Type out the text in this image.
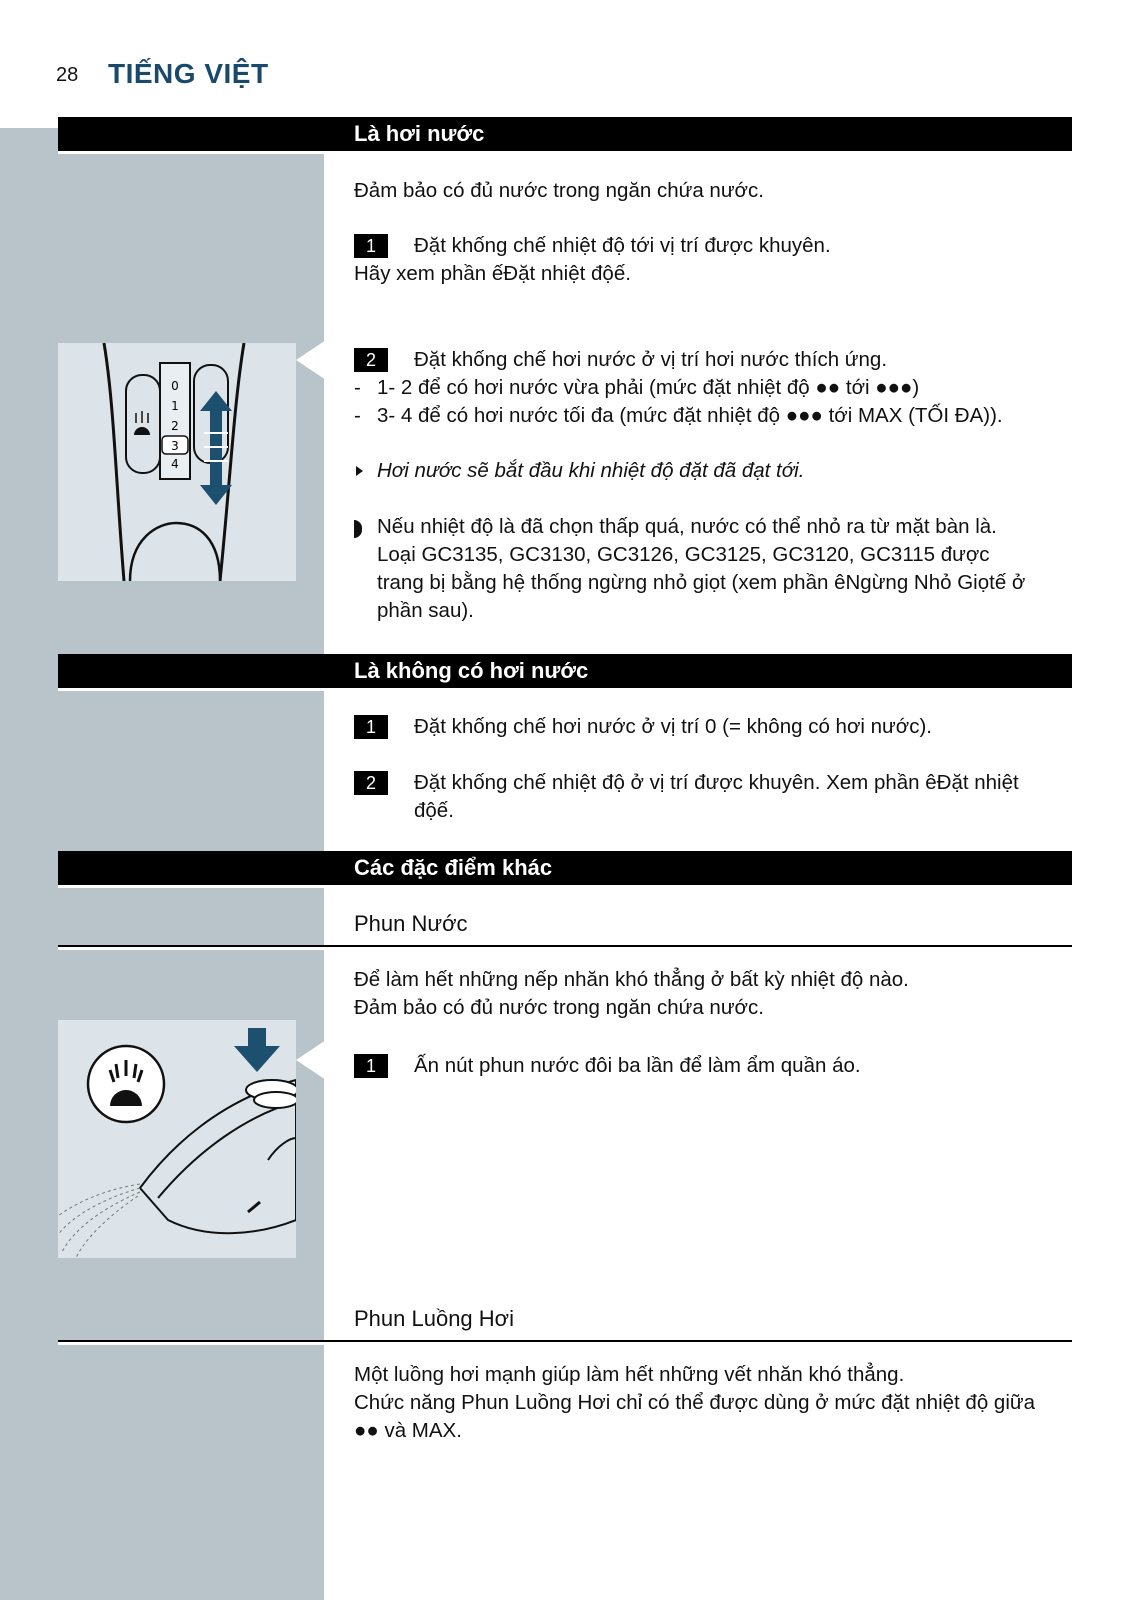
28 TIẾNG VIỆT
Là hơi nước
Đảm bảo có đủ nước trong ngăn chứa nước.
1	Đặt khống chế nhiệt độ tới vị trí được khuyên.
Hãy xem phần ếĐặt nhiệt độế.
0
1
2
3
4
2	Đặt khống chế hơi nước ở vị trí hơi nước thích ứng.
- 1- 2 để có hơi nước vừa phải (mức đặt nhiệt độ ●● tới ●●●)
- 3- 4 để có hơi nước tối đa (mức đặt nhiệt độ ●●● tới MAX (TỐI ĐA)).
Hơi nước sẽ bắt đầu khi nhiệt độ đặt đã đạt tới.
Nếu nhiệt độ là đã chọn thấp quá, nước có thể nhỏ ra từ mặt bàn là.
Loại GC3135, GC3130, GC3126, GC3125, GC3120, GC3115 được
trang bị bằng hệ thống ngừng nhỏ giọt (xem phần êNgừng Nhỏ Giọtế ở
phần sau).
Là không có hơi nước
1	Đặt khống chế hơi nước ở vị trí 0 (= không có hơi nước).
2	Đặt khống chế nhiệt độ ở vị trí được khuyên. Xem phần êĐặt nhiệt
độế.
Các đặc điểm khác
Phun Nước
Để làm hết những nếp nhăn khó thẳng ở bất kỳ nhiệt độ nào.
Đảm bảo có đủ nước trong ngăn chứa nước.
1	Ấn nút phun nước đôi ba lần để làm ẩm quần áo.
Phun Luồng Hơi
Một luồng hơi mạnh giúp làm hết những vết nhăn khó thẳng.
Chức năng Phun Luồng Hơi chỉ có thể được dùng ở mức đặt nhiệt độ giữa
●● và MAX.
